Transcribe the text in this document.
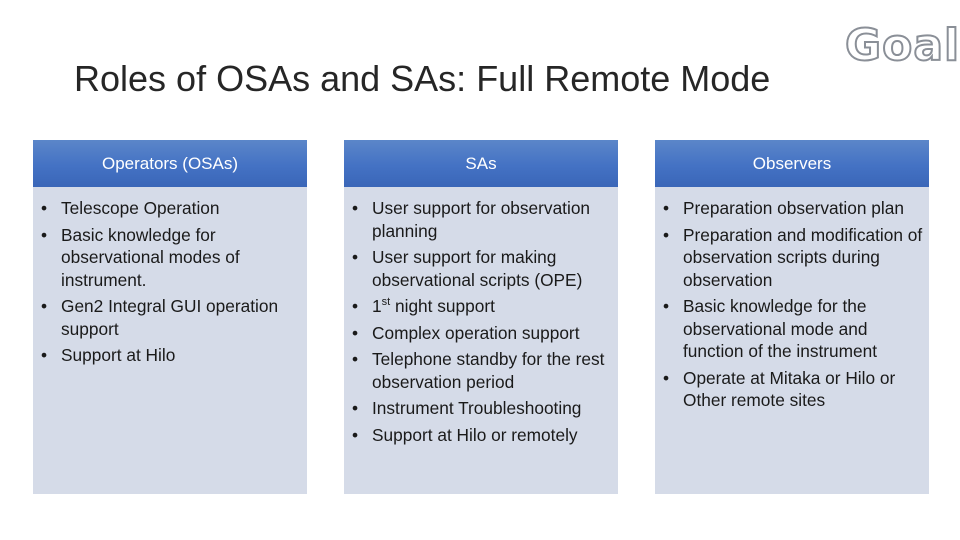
Roles of OSAs and SAs: Full Remote Mode
Goal
Operators (OSAs)
• Telescope Operation
• Basic knowledge for observational modes of instrument.
• Gen2 Integral GUI operation support
• Support at Hilo
SAs
• User support for observation planning
• User support for making observational scripts (OPE)
• 1st night support
• Complex operation support
• Telephone standby for the rest observation period
• Instrument Troubleshooting
• Support at Hilo or remotely
Observers
• Preparation observation plan
• Preparation and modification of observation scripts during observation
• Basic knowledge for the observational mode and function of the instrument
• Operate at Mitaka or Hilo or Other remote sites
